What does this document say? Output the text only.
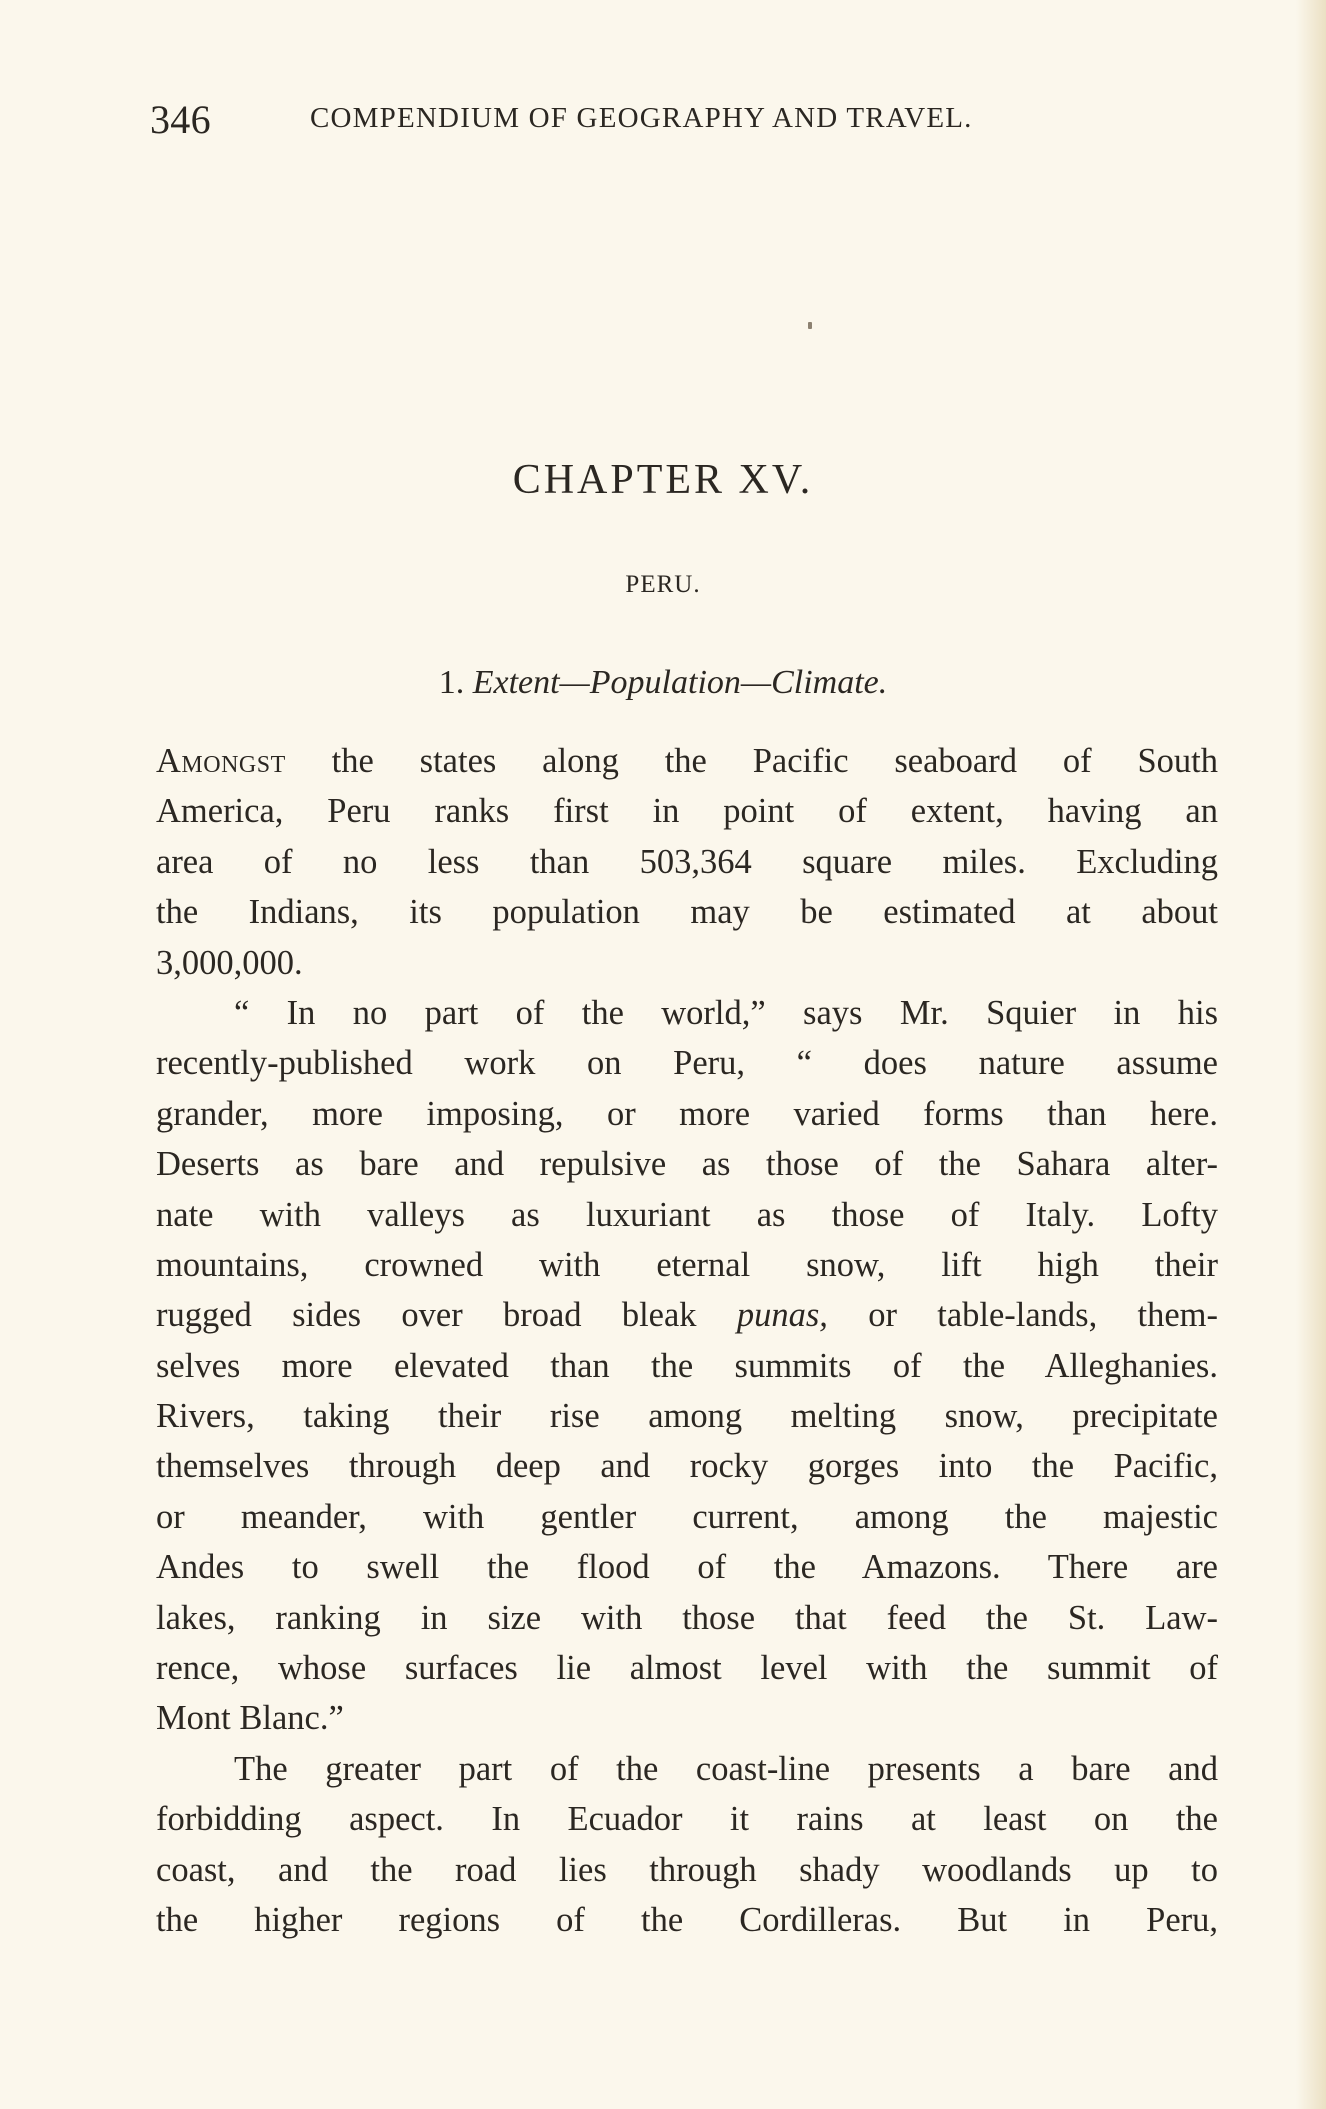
346	COMPENDIUM OF GEOGRAPHY AND TRAVEL.
CHAPTER XV.
PERU.
1. Extent—Population—Climate.
Amongst the states along the Pacific seaboard of South
America, Peru ranks first in point of extent, having an
area of no less than 503,364 square miles. Excluding
the Indians, its population may be estimated at about
3,000,000.
“ In no part of the world,” says Mr. Squier in his
recently-published work on Peru, “ does nature assume
grander, more imposing, or more varied forms than here.
Deserts as bare and repulsive as those of the Sahara alter-
nate with valleys as luxuriant as those of Italy. Lofty
mountains, crowned with eternal snow, lift high their
rugged sides over broad bleak punas, or table-lands, them-
selves more elevated than the summits of the Alleghanies.
Rivers, taking their rise among melting snow, precipitate
themselves through deep and rocky gorges into the Pacific,
or meander, with gentler current, among the majestic
Andes to swell the flood of the Amazons. There are
lakes, ranking in size with those that feed the St. Law-
rence, whose surfaces lie almost level with the summit of
Mont Blanc.”
The greater part of the coast-line presents a bare and
forbidding aspect. In Ecuador it rains at least on the
coast, and the road lies through shady woodlands up to
the higher regions of the Cordilleras. But in Peru,
